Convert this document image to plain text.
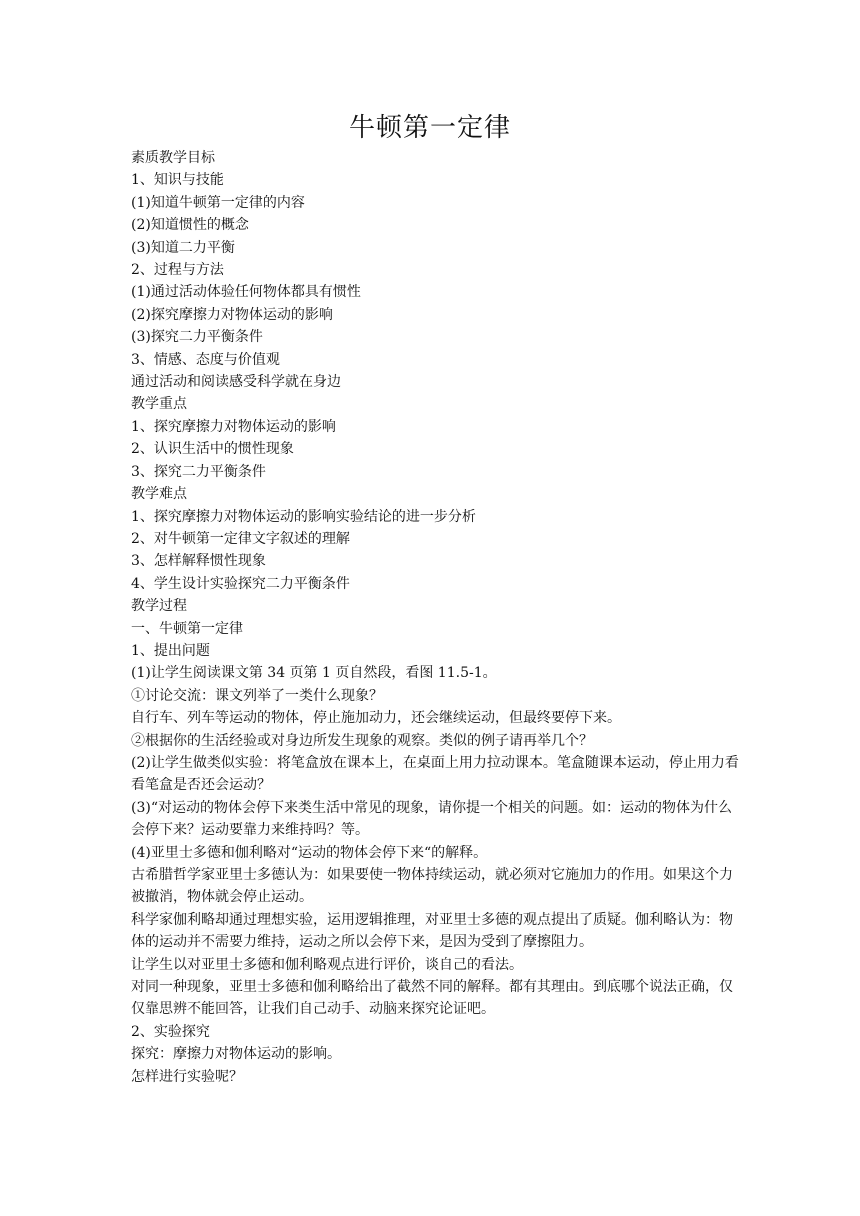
牛顿第一定律

素质教学目标

1、知识与技能

(1)知道牛顿第一定律的内容

(2)知道惯性的概念

(3)知道二力平衡

2、过程与方法

(1)通过活动体验任何物体都具有惯性

(2)探究摩擦力对物体运动的影响

(3)探究二力平衡条件

3、情感、态度与价值观

通过活动和阅读感受科学就在身边

教学重点

1、探究摩擦力对物体运动的影响

2、认识生活中的惯性现象

3、探究二力平衡条件

教学难点

1、探究摩擦力对物体运动的影响实验结论的进一步分析

2、对牛顿第一定律文字叙述的理解

3、怎样解释惯性现象

4、学生设计实验探究二力平衡条件

教学过程

一、牛顿第一定律

1、提出问题

(1)让学生阅读课文第 34 页第 1 页自然段，看图 11.5-1。

①讨论交流：课文列举了一类什么现象？

自行车、列车等运动的物体，停止施加动力，还会继续运动，但最终要停下来。

②根据你的生活经验或对身边所发生现象的观察。类似的例子请再举几个？

(2)让学生做类似实验：将笔盒放在课本上，在桌面上用力拉动课本。笔盒随课本运动，停止用力看看笔盒是否还会运动？

(3)“对运动的物体会停下来类生活中常见的现象，请你提一个相关的问题。如：运动的物体为什么会停下来？运动要靠力来维持吗？等。

(4)亚里士多德和伽利略对“运动的物体会停下来“的解释。

古希腊哲学家亚里士多德认为：如果要使一物体持续运动，就必须对它施加力的作用。如果这个力被撤消，物体就会停止运动。

科学家伽利略却通过理想实验，运用逻辑推理，对亚里士多德的观点提出了质疑。伽利略认为：物体的运动并不需要力维持，运动之所以会停下来，是因为受到了摩擦阻力。

让学生以对亚里士多德和伽利略观点进行评价，谈自己的看法。

对同一种现象，亚里士多德和伽利略给出了截然不同的解释。都有其理由。到底哪个说法正确，仅仅靠思辨不能回答，让我们自己动手、动脑来探究论证吧。

2、实验探究

探究：摩擦力对物体运动的影响。

怎样进行实验呢？
